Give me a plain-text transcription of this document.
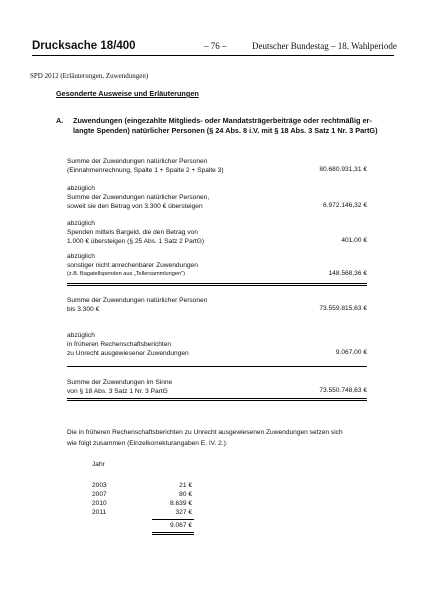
Drucksache 18/400	– 76 –	Deutscher Bundestag – 18. Wahlperiode
SPD 2012 (Erläuterungen, Zuwendungen)
Gesonderte Ausweise und Erläuterungen
A. Zuwendungen (eingezahlte Mitglieds- oder Mandatsträgerbeiträge oder rechtmäßig er-
langte Spenden) natürlicher Personen (§ 24 Abs. 8 i.V. mit § 18 Abs. 3 Satz 1 Nr. 3 PartG)
Summe der Zuwendungen natürlicher Personen
(Einnahmenrechnung, Spalte 1 + Spalte 2 + Spalte 3)	80.680.931,31 €
abzüglich
Summe der Zuwendungen natürlicher Personen,
soweit sie den Betrag von 3.300 € übersteigen	6.972.146,32 €
abzüglich
Spenden mittels Bargeld, die den Betrag von
1.000 € übersteigen (§ 25 Abs. 1 Satz 2 PartG)	401,00 €
abzüglich
sonstiger nicht anrechenbarer Zuwendungen
(z.B. Bagatellspenden aus „Tellersammlungen")	148.568,36 €
Summe der Zuwendungen natürlicher Personen
bis 3.300 €	73.559.815,63 €
abzüglich
in früheren Rechenschaftsberichten
zu Unrecht ausgewiesener Zuwendungen	9.067,00 €
Summe der Zuwendungen im Sinne
von § 18 Abs. 3 Satz 1 Nr. 3 PartG	73.550.748,63 €
Die in früheren Rechenschaftsberichten zu Unrecht ausgewiesenen Zuwendungen setzen sich
wie folgt zusammen (Einzelkorrekturangaben E. IV. 2.):
Jahr
2003	21 €
2007	80 €
2010	8.639 €
2011	327 €
9.067 €
